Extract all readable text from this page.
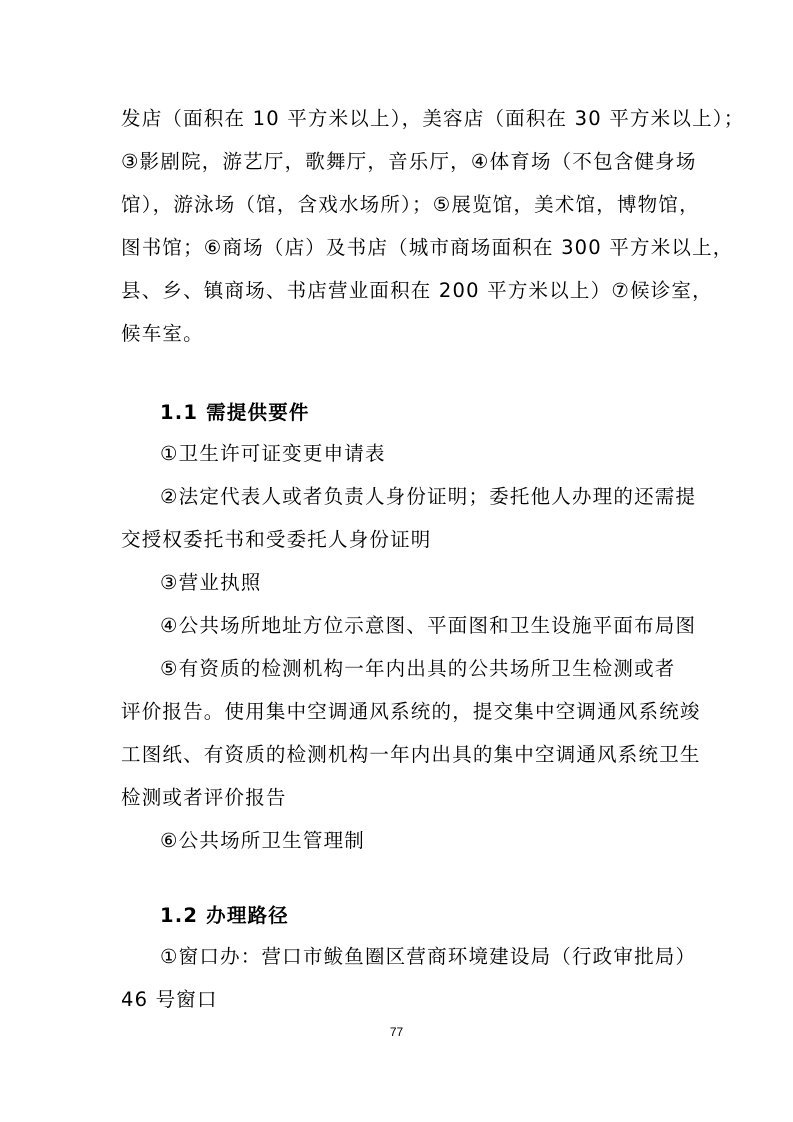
发店（面积在 10 平方米以上），美容店（面积在 30 平方米以上）；
③影剧院，游艺厅，歌舞厅，音乐厅，④体育场（不包含健身场
馆），游泳场（馆，含戏水场所）；⑤展览馆，美术馆，博物馆，
图书馆；⑥商场（店）及书店（城市商场面积在 300 平方米以上，
县、乡、镇商场、书店营业面积在 200 平方米以上）⑦候诊室，
候车室。
1.1 需提供要件
①卫生许可证变更申请表
②法定代表人或者负责人身份证明；委托他人办理的还需提
交授权委托书和受委托人身份证明
③营业执照
④公共场所地址方位示意图、平面图和卫生设施平面布局图
⑤有资质的检测机构一年内出具的公共场所卫生检测或者
评价报告。使用集中空调通风系统的，提交集中空调通风系统竣
工图纸、有资质的检测机构一年内出具的集中空调通风系统卫生
检测或者评价报告
⑥公共场所卫生管理制
1.2 办理路径
①窗口办：营口市鲅鱼圈区营商环境建设局（行政审批局）
46 号窗口
77
